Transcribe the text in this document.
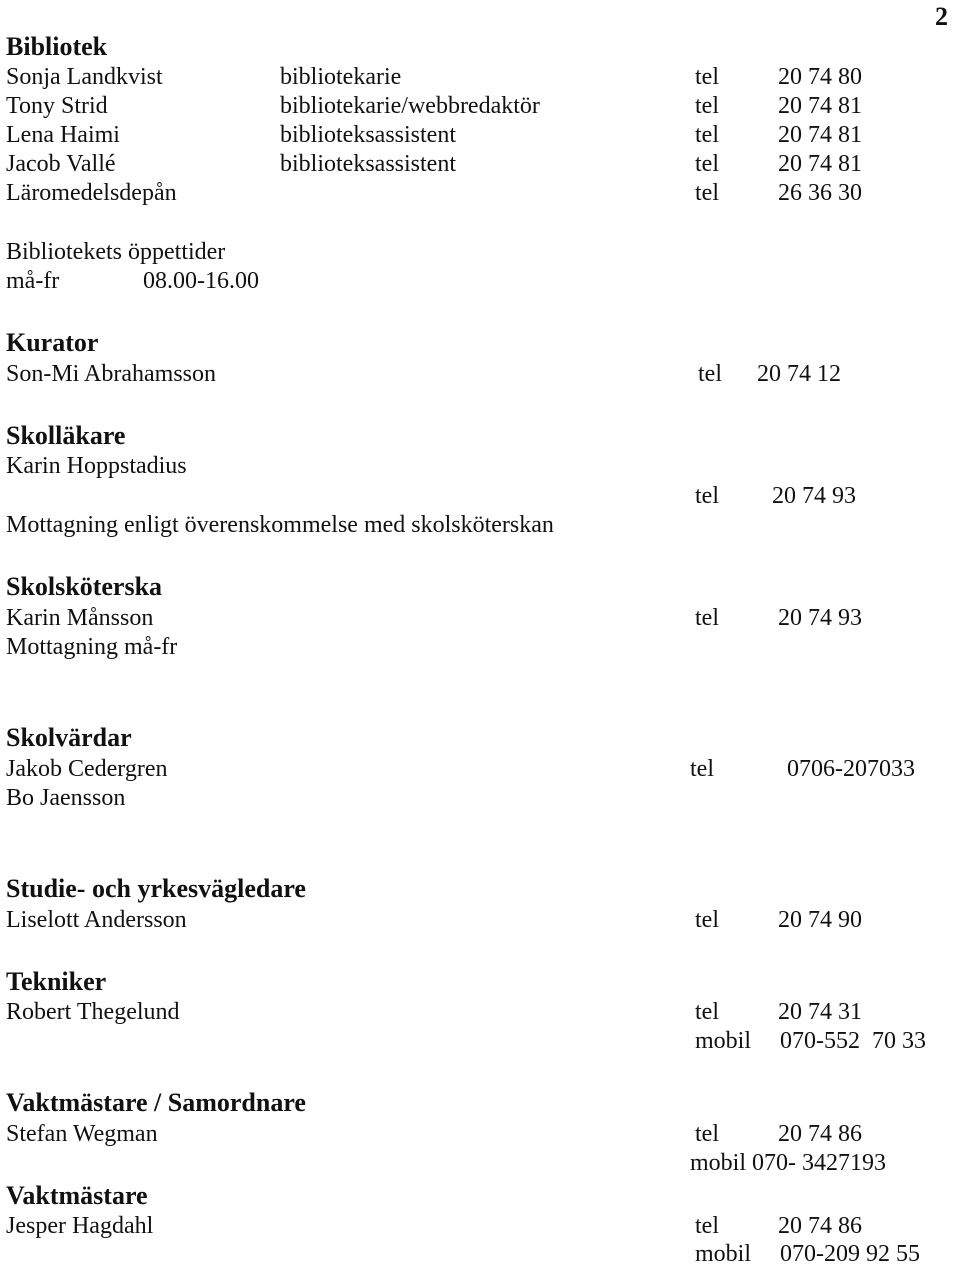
2
Bibliotek
Sonja Landkvist	bibliotekarie	tel 20 74 80
Tony Strid	bibliotekarie/webbredaktör	tel 20 74 81
Lena Haimi	biblioteksassistent	tel 20 74 81
Jacob Vallé	biblioteksassistent	tel 20 74 81
Läromedelsdepån	tel 26 36 30
Bibliotekets öppettider
må-fr	08.00-16.00
Kurator
Son-Mi Abrahamsson	tel 20 74 12
Skolläkare
Karin Hoppstadius
tel 20 74 93
Mottagning enligt överenskommelse med skolsköterskan
Skolsköterska
Karin Månsson	tel 20 74 93
Mottagning må-fr
Skolvärdar
Jakob Cedergren	tel	0706-207033
Bo Jaensson
Studie- och yrkesvägledare
Liselott Andersson	tel 20 74 90
Tekniker
Robert Thegelund	tel 20 74 31
mobil 070-552  70 33
Vaktmästare / Samordnare
Stefan Wegman	tel 20 74 86
mobil 070- 3427193
Vaktmästare
Jesper Hagdahl	tel 20 74 86
mobil 070-209 92 55
